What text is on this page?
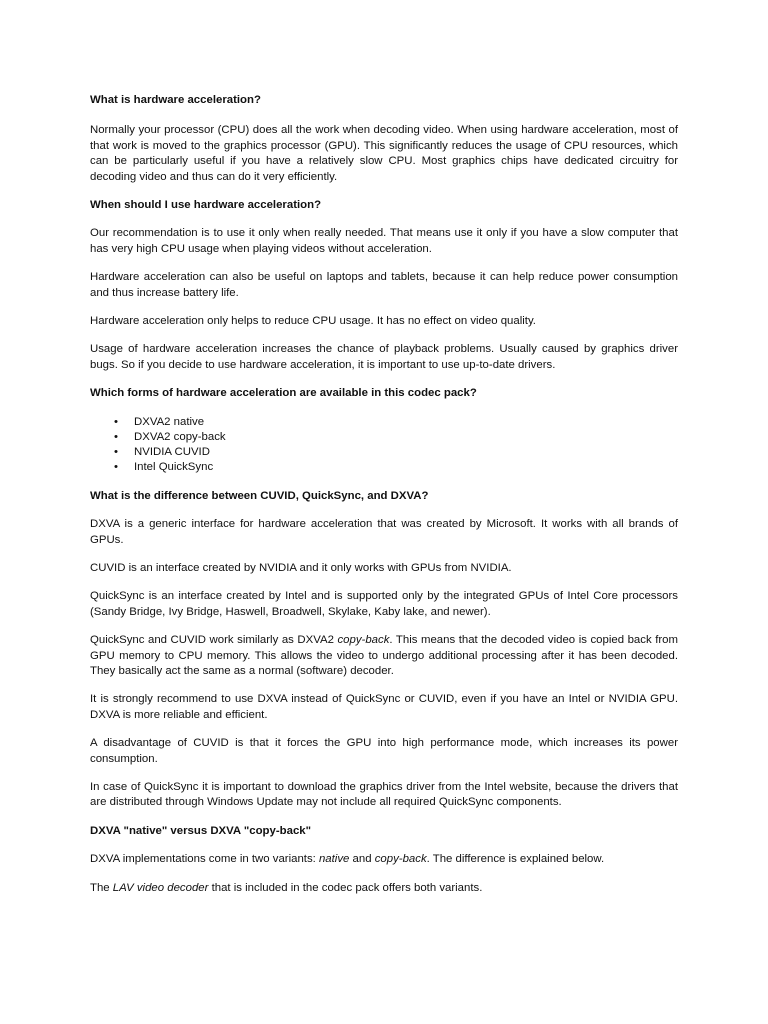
What is hardware acceleration?

Normally your processor (CPU) does all the work when decoding video. When using hardware acceleration, most of that work is moved to the graphics processor (GPU). This significantly reduces the usage of CPU resources, which can be particularly useful if you have a relatively slow CPU. Most graphics chips have dedicated circuitry for decoding video and thus can do it very efficiently.

When should I use hardware acceleration?

Our recommendation is to use it only when really needed. That means use it only if you have a slow computer that has very high CPU usage when playing videos without acceleration.

Hardware acceleration can also be useful on laptops and tablets, because it can help reduce power consumption and thus increase battery life.

Hardware acceleration only helps to reduce CPU usage. It has no effect on video quality.

Usage of hardware acceleration increases the chance of playback problems. Usually caused by graphics driver bugs. So if you decide to use hardware acceleration, it is important to use up-to-date drivers.

Which forms of hardware acceleration are available in this codec pack?
• DXVA2 native
• DXVA2 copy-back
• NVIDIA CUVID
• Intel QuickSync
What is the difference between CUVID, QuickSync, and DXVA?

DXVA is a generic interface for hardware acceleration that was created by Microsoft. It works with all brands of GPUs.

CUVID is an interface created by NVIDIA and it only works with GPUs from NVIDIA.

QuickSync is an interface created by Intel and is supported only by the integrated GPUs of Intel Core processors (Sandy Bridge, Ivy Bridge, Haswell, Broadwell, Skylake, Kaby lake, and newer).

QuickSync and CUVID work similarly as DXVA2 copy-back. This means that the decoded video is copied back from GPU memory to CPU memory. This allows the video to undergo additional processing after it has been decoded. They basically act the same as a normal (software) decoder.

It is strongly recommend to use DXVA instead of QuickSync or CUVID, even if you have an Intel or NVIDIA GPU. DXVA is more reliable and efficient.

A disadvantage of CUVID is that it forces the GPU into high performance mode, which increases its power consumption.

In case of QuickSync it is important to download the graphics driver from the Intel website, because the drivers that are distributed through Windows Update may not include all required QuickSync components.

DXVA "native" versus DXVA "copy-back"

DXVA implementations come in two variants: native and copy-back. The difference is explained below.

The LAV video decoder that is included in the codec pack offers both variants.
